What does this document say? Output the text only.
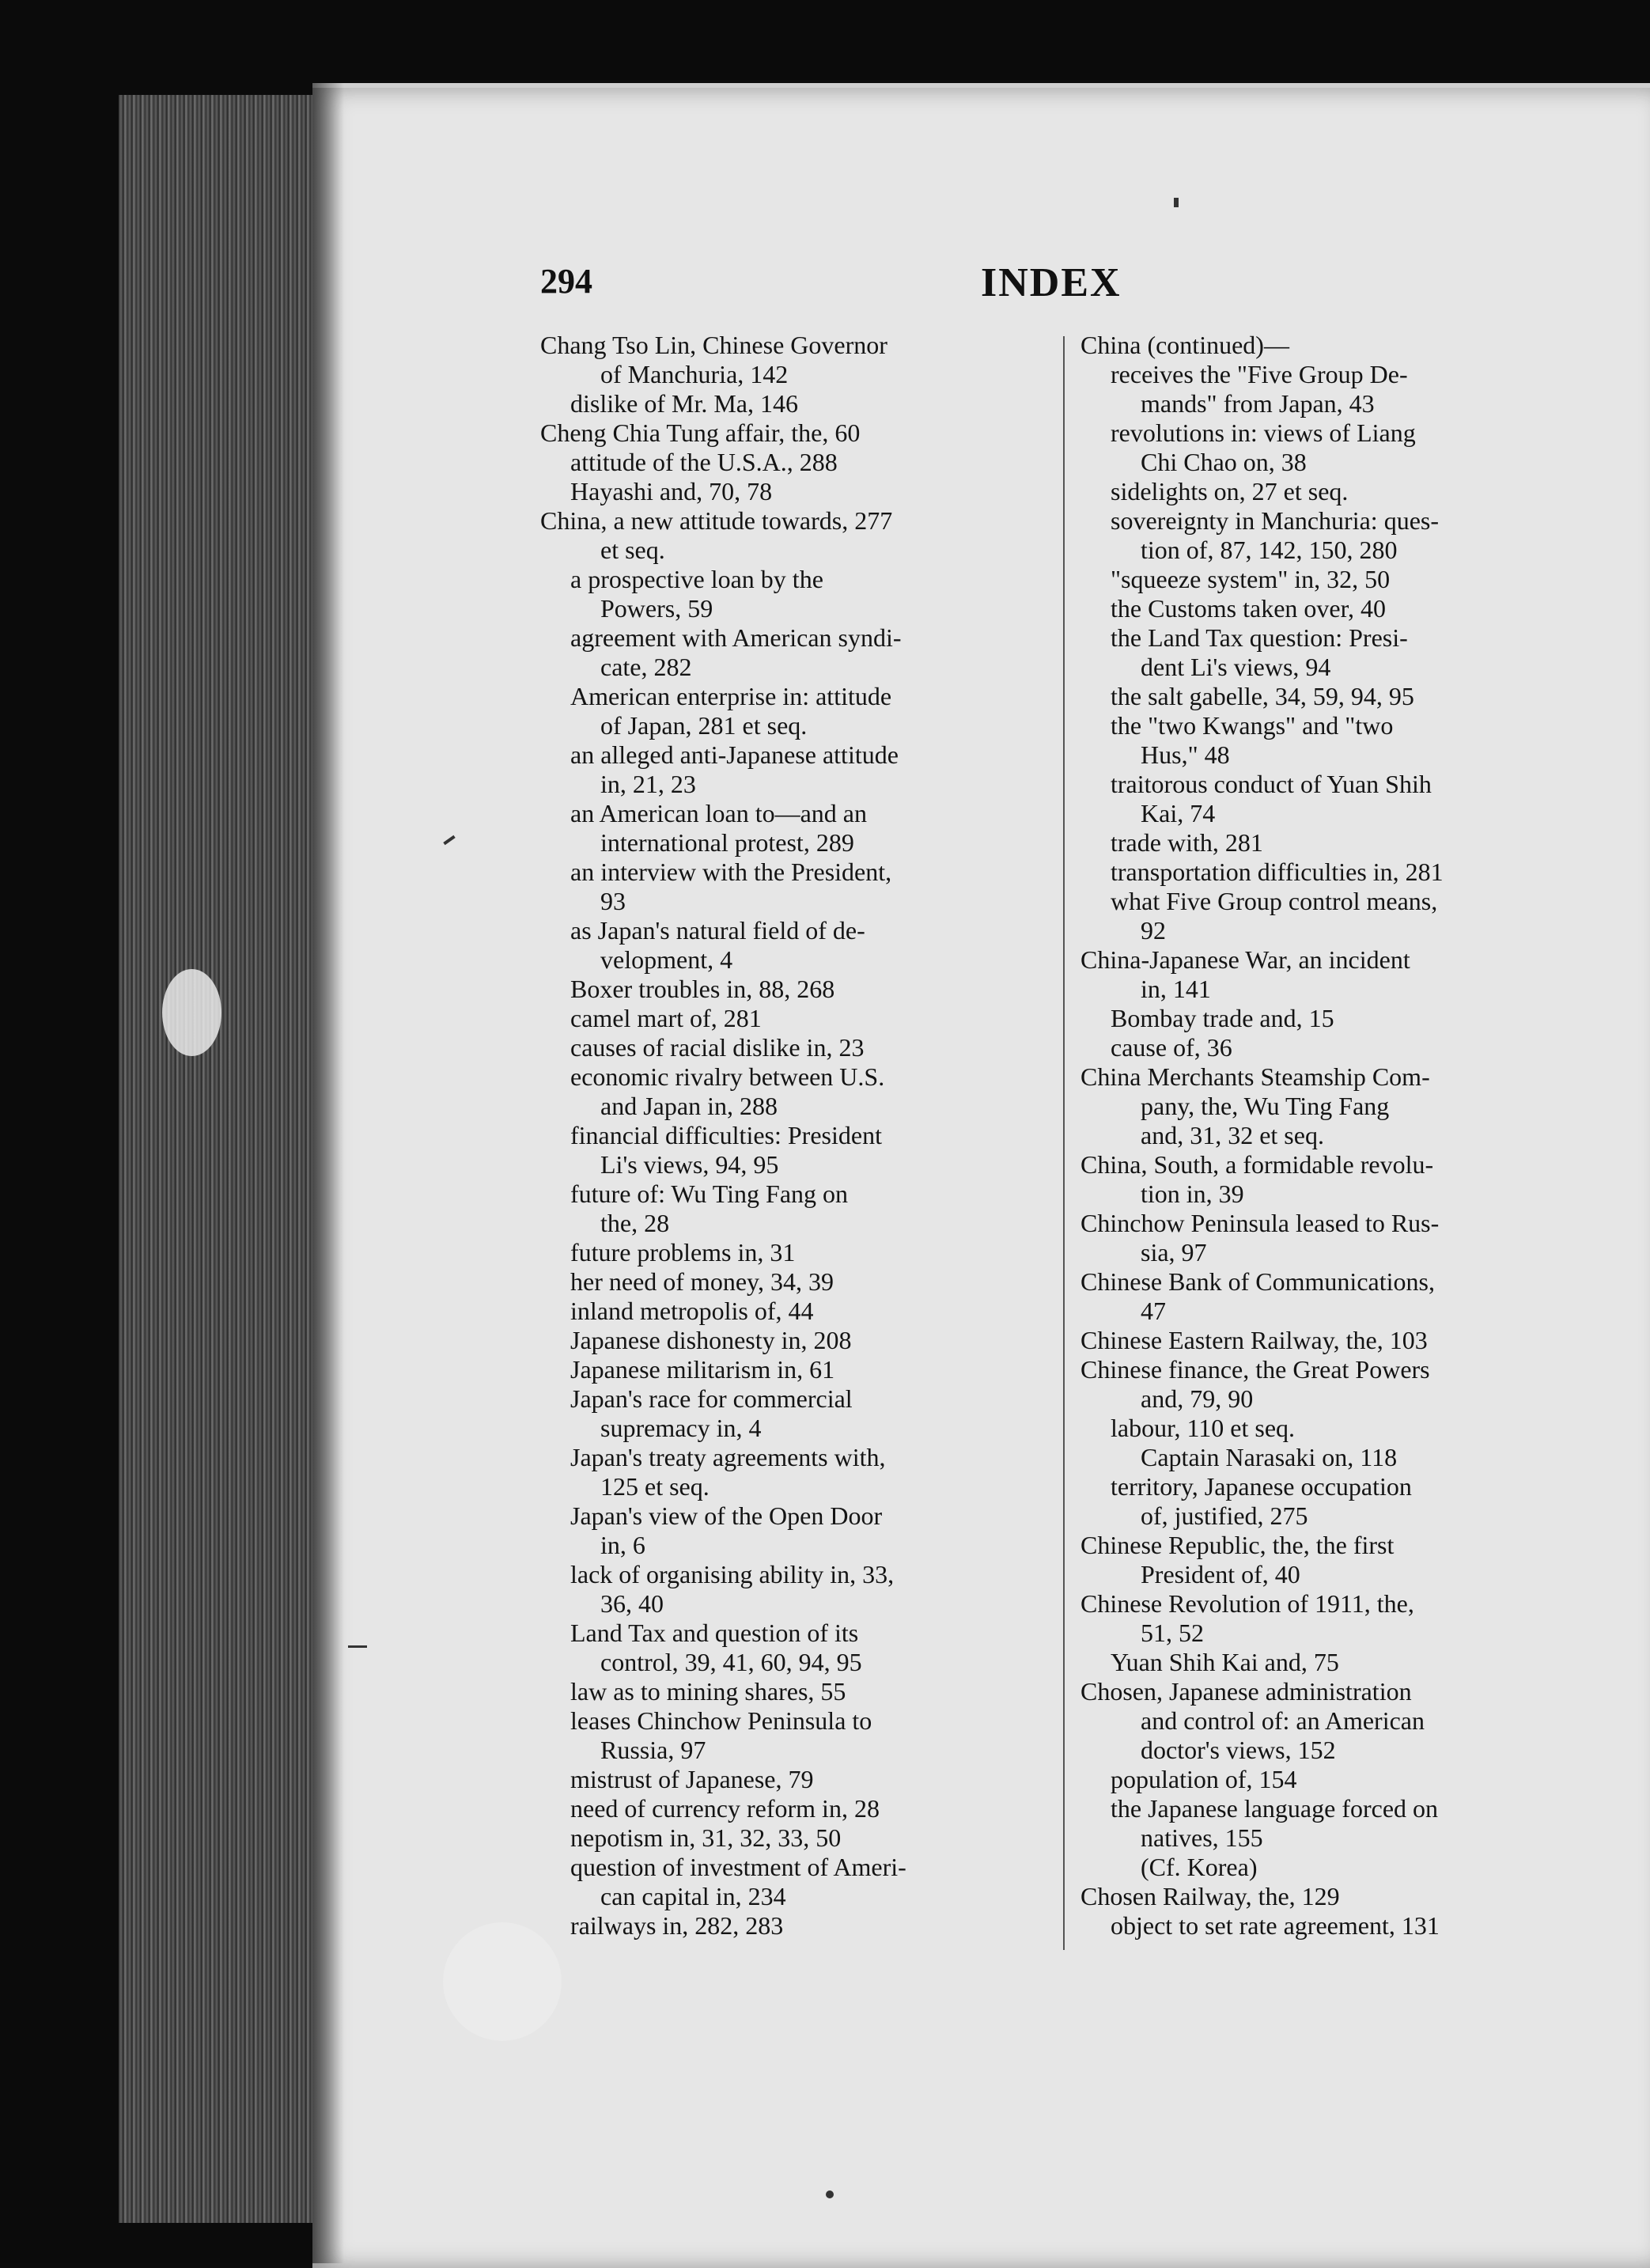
294	INDEX
Chang Tso Lin, Chinese Governor
of Manchuria, 142
dislike of Mr. Ma, 146
Cheng Chia Tung affair, the, 60
attitude of the U.S.A., 288
Hayashi and, 70, 78
China, a new attitude towards, 277
et seq.
a prospective loan by the
Powers, 59
agreement with American syndi-
cate, 282
American enterprise in: attitude
of Japan, 281 et seq.
an alleged anti-Japanese attitude
in, 21, 23
an American loan to—and an
international protest, 289
an interview with the President,
93
as Japan's natural field of de-
velopment, 4
Boxer troubles in, 88, 268
camel mart of, 281
causes of racial dislike in, 23
economic rivalry between U.S.
and Japan in, 288
financial difficulties: President
Li's views, 94, 95
future of: Wu Ting Fang on
the, 28
future problems in, 31
her need of money, 34, 39
inland metropolis of, 44
Japanese dishonesty in, 208
Japanese militarism in, 61
Japan's race for commercial
supremacy in, 4
Japan's treaty agreements with,
125 et seq.
Japan's view of the Open Door
in, 6
lack of organising ability in, 33,
36, 40
Land Tax and question of its
control, 39, 41, 60, 94, 95
law as to mining shares, 55
leases Chinchow Peninsula to
Russia, 97
mistrust of Japanese, 79
need of currency reform in, 28
nepotism in, 31, 32, 33, 50
question of investment of Ameri-
can capital in, 234
railways in, 282, 283
China (continued)—
receives the "Five Group De-
mands" from Japan, 43
revolutions in: views of Liang
Chi Chao on, 38
sidelights on, 27 et seq.
sovereignty in Manchuria: ques-
tion of, 87, 142, 150, 280
"squeeze system" in, 32, 50
the Customs taken over, 40
the Land Tax question: Presi-
dent Li's views, 94
the salt gabelle, 34, 59, 94, 95
the "two Kwangs" and "two
Hus," 48
traitorous conduct of Yuan Shih
Kai, 74
trade with, 281
transportation difficulties in, 281
what Five Group control means,
92
China-Japanese War, an incident
in, 141
Bombay trade and, 15
cause of, 36
China Merchants Steamship Com-
pany, the, Wu Ting Fang
and, 31, 32 et seq.
China, South, a formidable revolu-
tion in, 39
Chinchow Peninsula leased to Rus-
sia, 97
Chinese Bank of Communications,
47
Chinese Eastern Railway, the, 103
Chinese finance, the Great Powers
and, 79, 90
labour, 110 et seq.
Captain Narasaki on, 118
territory, Japanese occupation
of, justified, 275
Chinese Republic, the, the first
President of, 40
Chinese Revolution of 1911, the,
51, 52
Yuan Shih Kai and, 75
Chosen, Japanese administration
and control of: an American
doctor's views, 152
population of, 154
the Japanese language forced on
natives, 155
(Cf. Korea)
Chosen Railway, the, 129
object to set rate agreement, 131
